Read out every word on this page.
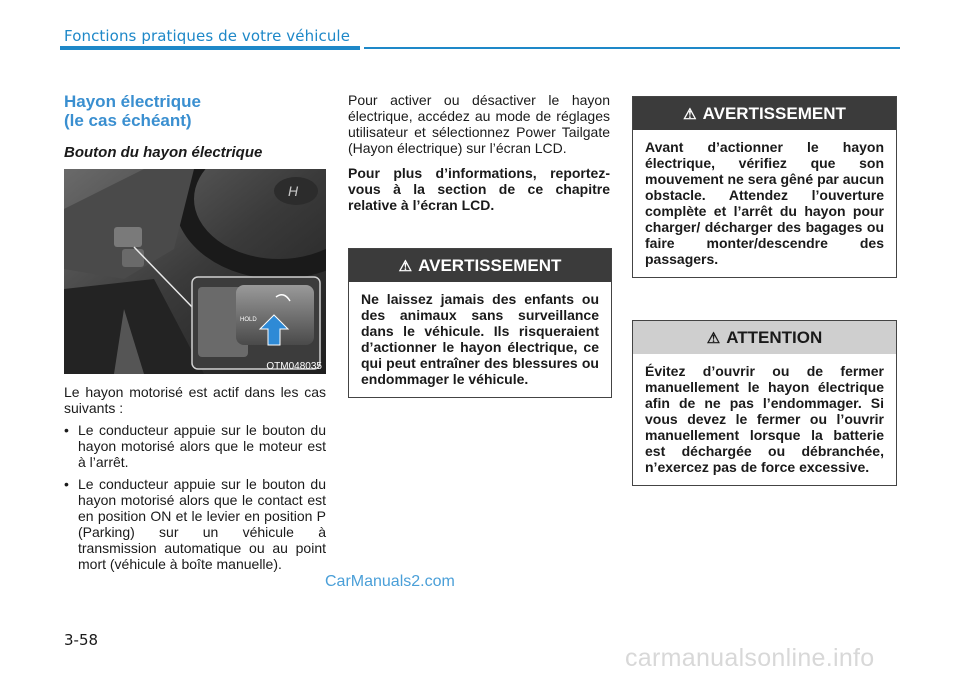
Fonctions pratiques de votre véhicule
Hayon électrique
(le cas échéant)
Bouton du hayon électrique
H
HOLD
OTM048035

Le hayon motorisé est actif dans les cas suivants :

• Le conducteur appuie sur le bouton du hayon motorisé alors que le moteur est à l’arrêt.
• Le conducteur appuie sur le bouton du hayon motorisé alors que le contact est en position ON et le levier en position P (Parking) sur un véhicule à transmission automatique ou au point mort (véhicule à boîte manuelle).

Pour activer ou désactiver le hayon électrique, accédez au mode de réglages utilisateur et sélectionnez Power Tailgate (Hayon électrique) sur l’écran LCD.

Pour plus d’informations, reportez-vous à la section de ce chapitre relative à l’écran LCD.

⚠ AVERTISSEMENT
Ne laissez jamais des enfants ou des animaux sans surveillance dans le véhicule. Ils risqueraient d’actionner le hayon électrique, ce qui peut entraîner des blessures ou endommager le véhicule.
⚠ AVERTISSEMENT
Avant d’actionner le hayon électrique, vérifiez que son mouvement ne sera gêné par aucun obstacle. Attendez l’ouverture complète et l’arrêt du hayon pour charger/ décharger des bagages ou faire monter/descendre des passagers.
⚠ ATTENTION
Évitez d’ouvrir ou de fermer manuellement le hayon électrique afin de ne pas l’endommager. Si vous devez le fermer ou l’ouvrir manuellement lorsque la batterie est déchargée ou débranchée, n’exercez pas de force excessive.
CarManuals2.com
3-58
carmanualsonline.info
